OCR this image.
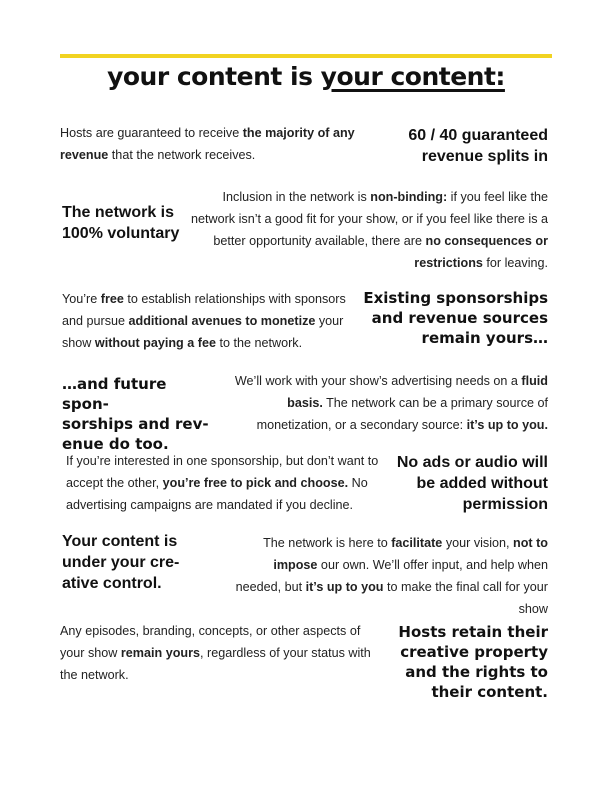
your content is your content:
Hosts are guaranteed to receive the majority of any revenue that the network receives.
60 / 40 guaranteed
revenue splits in
The network is
100% voluntary
Inclusion in the network is non-binding: if you feel like the network isn’t a good fit for your show, or if you feel like there is a better opportunity available, there are no consequences or restrictions for leaving.
You’re free to establish relationships with sponsors and pursue additional avenues to monetize your show without paying a fee to the network.
Existing sponsorships
and revenue sources
remain yours…
…and future spon-
sorships and rev-
enue do too.
We’ll work with your show’s advertising needs on a fluid basis. The network can be a primary source of monetization, or a secondary source: it’s up to you.
If you’re interested in one sponsorship, but don’t want to accept the other, you’re free to pick and choose. No advertising campaigns are mandated if you decline.
No ads or audio will
be added without
permission
Your content is
under your cre-
ative control.
The network is here to facilitate your vision, not to impose our own. We’ll offer input, and help when needed, but it’s up to you to make the final call for your show
Any episodes, branding, concepts, or other aspects of your show remain yours, regardless of your status with the network.
Hosts retain their
creative property
and the rights to
their content.
